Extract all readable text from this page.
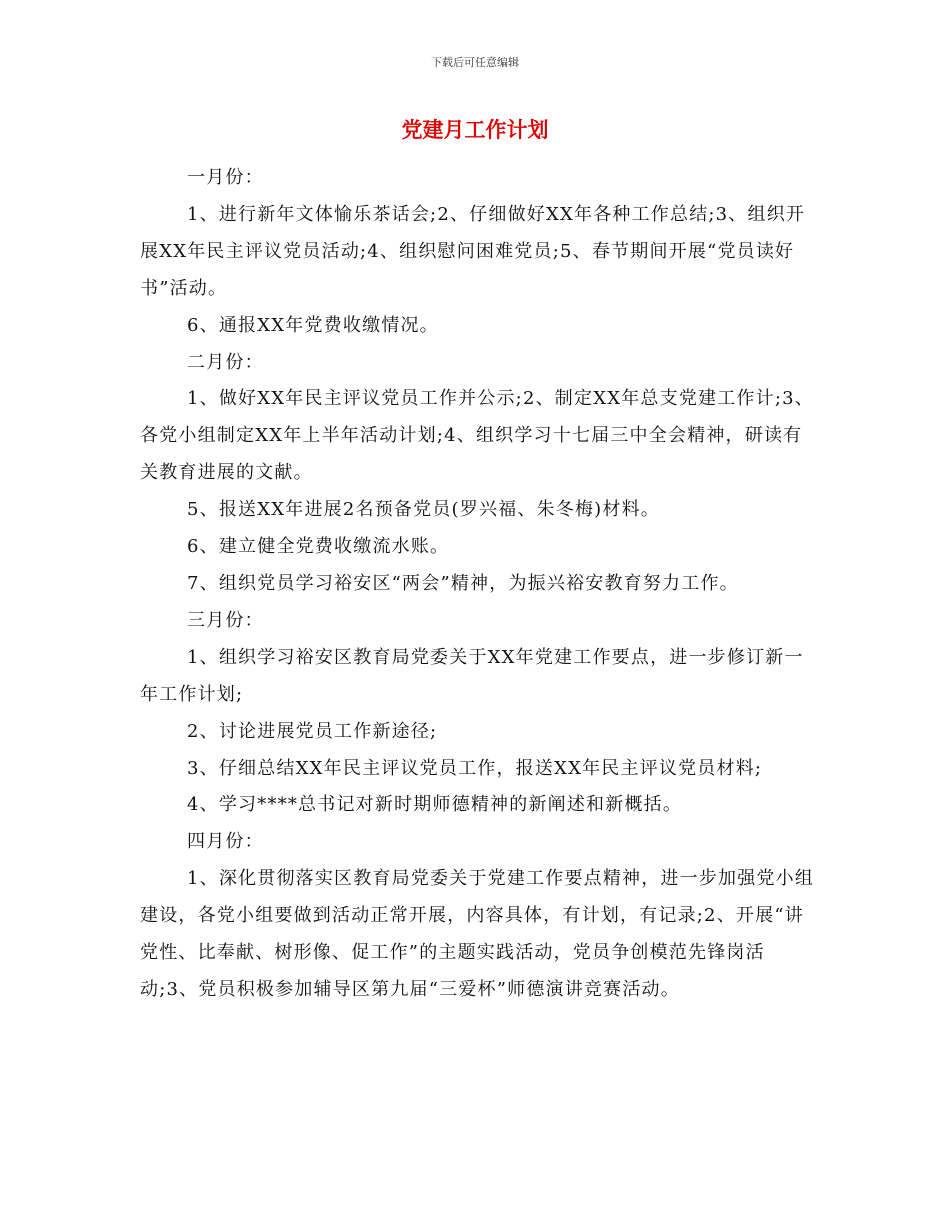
下载后可任意编辑
党建月工作计划

一月份：

1、进行新年文体愉乐茶话会;2、仔细做好XX年各种工作总结;3、组织开展XX年民主评议党员活动;4、组织慰问困难党员;5、春节期间开展“党员读好书”活动。

6、通报XX年党费收缴情况。

二月份：

1、做好XX年民主评议党员工作并公示;2、制定XX年总支党建工作计;3、各党小组制定XX年上半年活动计划;4、组织学习十七届三中全会精神，研读有关教育进展的文献。

5、报送XX年进展2名预备党员(罗兴福、朱冬梅)材料。

6、建立健全党费收缴流水账。

7、组织党员学习裕安区“两会”精神，为振兴裕安教育努力工作。

三月份：

1、组织学习裕安区教育局党委关于XX年党建工作要点，进一步修订新一年工作计划;

2、讨论进展党员工作新途径;

3、仔细总结XX年民主评议党员工作，报送XX年民主评议党员材料;

4、学习****总书记对新时期师德精神的新阐述和新概括。

四月份：

1、深化贯彻落实区教育局党委关于党建工作要点精神，进一步加强党小组建设，各党小组要做到活动正常开展，内容具体，有计划，有记录;2、开展“讲党性、比奉献、树形像、促工作”的主题实践活动，党员争创模范先锋岗活动;3、党员积极参加辅导区第九届“三爱杯”师德演讲竞赛活动。
